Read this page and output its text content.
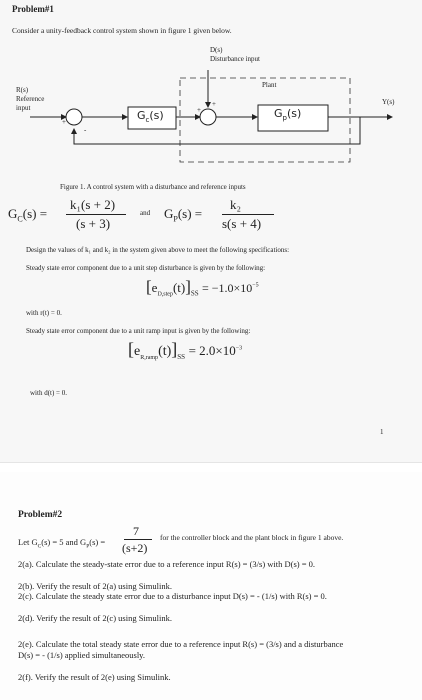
Problem#1
Consider a unity-feedback control system shown in figure 1 given below.
D(s)
Disturbance input
Plant
R(s)
Reference
input
Y(s)
+
-
+
+
$G_c(s)$	$G_p(s)$
Figure 1. A control system with a disturbance and reference inputs
$G_C(s)$ =
k₁(s + 2)
(s + 3)
and $G_P(s)$ =
k₂
s(s + 4)
Design the values of k₁ and k₂ in the system given above to meet the following specifications:
Steady state error component due to a unit step disturbance is given by the following:
$[e_{D,step}(t)]_{SS} = -1.0\times 10^{-5}$
with r(t) = 0.
Steady state error component due to a unit ramp input is given by the following:
$[e_{R,ramp}(t)]_{SS} = 2.0\times 10^{-3}$
with d(t) = 0.
1
Problem#2
Let $G_C(s) = 5$ and $G_P(s)$ =
7
(s+2)
for the controller block and the plant block in figure 1 above.
2(a). Calculate the steady-state error due to a reference input R(s) = (3/s) with D(s) = 0.
2(b). Verify the result of 2(a) using Simulink.
2(c). Calculate the steady state error due to a disturbance input D(s) = - (1/s) with R(s) = 0.
2(d). Verify the result of 2(c) using Simulink.
2(e). Calculate the total steady state error due to a reference input R(s) = (3/s) and a disturbance
D(s) = - (1/s) applied simultaneously.
2(f). Verify the result of 2(e) using Simulink.
